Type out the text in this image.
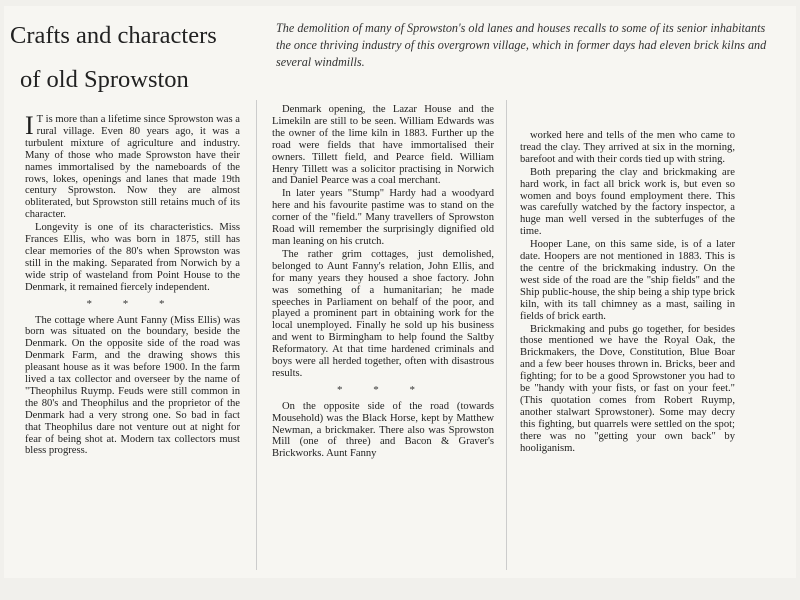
Crafts and characters
of old Sprowston

The demolition of many of Sprowston's old lanes and houses recalls to some of its senior inhabitants the once thriving industry of this overgrown village, which in former days had eleven brick kilns and several windmills.

I T is more than a lifetime since Sprowston was a rural village. Even 80 years ago, it was a turbulent mixture of agriculture and industry. Many of those who made Sprowston have their names immortalised by the nameboards of the rows, lokes, openings and lanes that made 19th century Sprowston. Now they are almost obliterated, but Sprowston still retains much of its character.

Longevity is one of its characteristics. Miss Frances Ellis, who was born in 1875, still has clear memories of the 80's when Sprowston was still in the making. Separated from Norwich by a wide strip of wasteland from Point House to the Denmark, it remained fiercely independent.

* * *

The cottage where Aunt Fanny (Miss Ellis) was born was situated on the boundary, beside the Denmark. On the opposite side of the road was Denmark Farm, and the drawing shows this pleasant house as it was before 1900. In the farm lived a tax collector and overseer by the name of "Theophilus Ruymp. Feuds were still common in the 80's and Theophilus and the proprietor of the Denmark had a very strong one. So bad in fact that Theophilus dare not venture out at night for fear of being shot at. Modern tax collectors must bless progress.

Denmark opening, the Lazar House and the Limekiln are still to be seen. William Edwards was the owner of the lime kiln in 1883. Further up the road were fields that have immortalised their owners. Tillett field, and Pearce field. William Henry Tillett was a solicitor practising in Norwich and Daniel Pearce was a coal merchant.

In later years "Stump" Hardy had a woodyard here and his favourite pastime was to stand on the corner of the "field." Many travellers of Sprowston Road will remember the surprisingly dignified old man leaning on his crutch.

The rather grim cottages, just demolished, belonged to Aunt Fanny's relation, John Ellis, and for many years they housed a shoe factory. John was something of a humanitarian; he made speeches in Parliament on behalf of the poor, and played a prominent part in obtaining work for the local unemployed. Finally he sold up his business and went to Birmingham to help found the Saltby Reformatory. At that time hardened criminals and boys were all herded together, often with disastrous results.

* * *

On the opposite side of the road (towards Mousehold) was the Black Horse, kept by Matthew Newman, a brickmaker. There also was Sprowston Mill (one of three) and Bacon & Graver's Brickworks. Aunt Fanny

worked here and tells of the men who came to tread the clay. They arrived at six in the morning, barefoot and with their cords tied up with string.

Both preparing the clay and brickmaking are hard work, in fact all brick work is, but even so women and boys found employment there. This was carefully watched by the factory inspector, a huge man well versed in the subterfuges of the time.

Hooper Lane, on this same side, is of a later date. Hoopers are not mentioned in 1883. This is the centre of the brickmaking industry. On the west side of the road are the "ship fields" and the Ship public-house, the ship being a ship type brick kiln, with its tall chimney as a mast, sailing in fields of brick earth.

Brickmaking and pubs go together, for besides those mentioned we have the Royal Oak, the Brickmakers, the Dove, Constitution, Blue Boar and a few beer houses thrown in. Bricks, beer and fighting; for to be a good Sprowstoner you had to be "handy with your fists, or fast on your feet." (This quotation comes from Robert Ruymp, another stalwart Sprowstoner). Some may decry this fighting, but quarrels were settled on the spot; there was no "getting your own back" by hooliganism.
